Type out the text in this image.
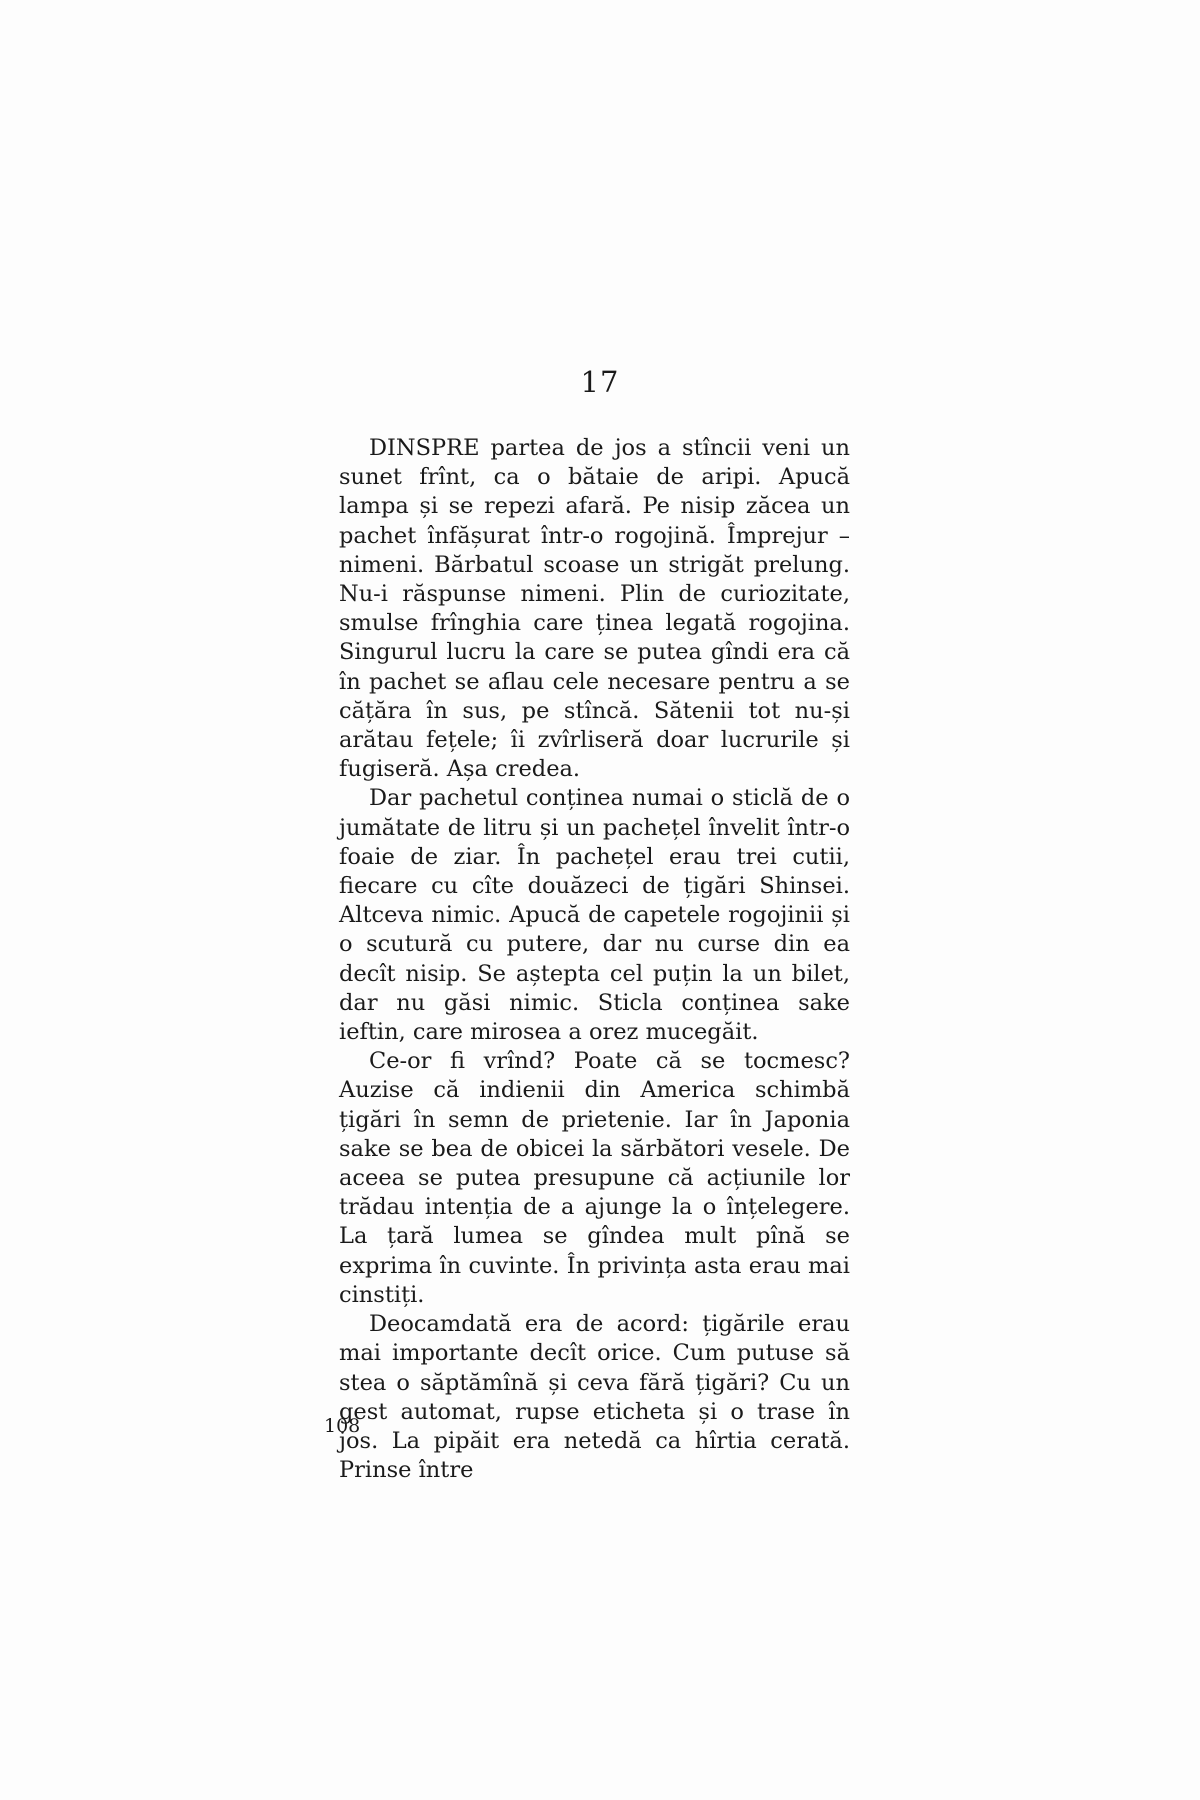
17

DINSPRE partea de jos a stîncii veni un sunet frînt, ca o bătaie de aripi. Apucă lampa și se repezi afară. Pe nisip zăcea un pachet înfășurat într-o rogojină. Împrejur – nimeni. Bărbatul scoase un strigăt prelung. Nu-i răspunse nimeni. Plin de curiozitate, smulse frînghia care ținea legată rogojina. Singurul lucru la care se putea gîndi era că în pachet se aflau cele necesare pentru a se cățăra în sus, pe stîncă. Sătenii tot nu-și arătau fețele; îi zvîrliseră doar lucrurile și fugiseră. Așa credea.

Dar pachetul conținea numai o sticlă de o jumătate de litru și un pachețel învelit într-o foaie de ziar. În pachețel erau trei cutii, fiecare cu cîte douăzeci de țigări Shinsei. Altceva nimic. Apucă de capetele rogojinii și o scutură cu putere, dar nu curse din ea decît nisip. Se aștepta cel puțin la un bilet, dar nu găsi nimic. Sticla conținea sake ieftin, care mirosea a orez mucegăit.

Ce-or fi vrînd? Poate că se tocmesc? Auzise că indienii din America schimbă țigări în semn de prietenie. Iar în Japonia sake se bea de obicei la sărbători vesele. De aceea se putea presupune că acțiunile lor trădau intenția de a ajunge la o înțelegere. La țară lumea se gîndea mult pînă se exprima în cuvinte. În privința asta erau mai cinstiți.

Deocamdată era de acord: țigările erau mai importante decît orice. Cum putuse să stea o săptămînă și ceva fără țigări? Cu un gest automat, rupse eticheta și o trase în jos. La pipăit era netedă ca hîrtia cerată. Prinse între

108
